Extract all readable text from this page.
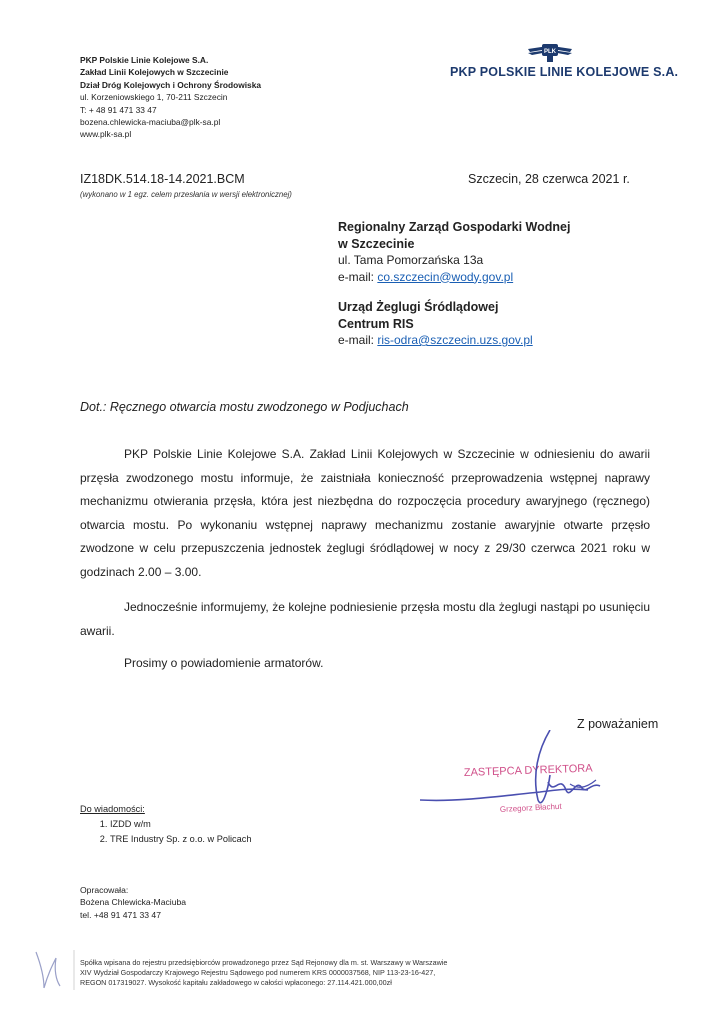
PKP Polskie Linie Kolejowe S.A.
Zakład Linii Kolejowych w Szczecinie
Dział Dróg Kolejowych i Ochrony Środowiska
ul. Korzeniowskiego 1, 70-211 Szczecin
T: + 48 91 471 33 47
bozena.chlewicka-maciuba@plk-sa.pl
www.plk-sa.pl
PLK
PKP POLSKIE LINIE KOLEJOWE S.A.
IZ18DK.514.18-14.2021.BCM
(wykonano w 1 egz. celem przesłania w wersji elektronicznej)
Szczecin, 28 czerwca 2021 r.
Regionalny Zarząd Gospodarki Wodnej
w Szczecinie
ul. Tama Pomorzańska 13a
e-mail: co.szczecin@wody.gov.pl
Urząd Żeglugi Śródlądowej
Centrum RIS
e-mail: ris-odra@szczecin.uzs.gov.pl
Dot.: Ręcznego otwarcia mostu zwodzonego w Podjuchach
PKP Polskie Linie Kolejowe S.A. Zakład Linii Kolejowych w Szczecinie w odniesieniu do awarii przęsła zwodzonego mostu informuje, że zaistniała konieczność przeprowadzenia wstępnej naprawy mechanizmu otwierania przęsła, która jest niezbędna do rozpoczęcia procedury awaryjnego (ręcznego) otwarcia mostu. Po wykonaniu wstępnej naprawy mechanizmu zostanie awaryjnie otwarte przęsło zwodzone w celu przepuszczenia jednostek żeglugi śródlądowej w nocy z 29/30 czerwca 2021 roku w godzinach 2.00 – 3.00.
Jednocześnie informujemy, że kolejne podniesienie przęsła mostu dla żeglugi nastąpi po usunięciu awarii.
Prosimy o powiadomienie armatorów.
Z poważaniem
ZASTĘPCA DYREKTORA
Grzegorz Błachut
Do wiadomości:
1. IZDD w/m
2. TRE Industry Sp. z o.o. w Policach
Opracowała:
Bożena Chlewicka-Maciuba
tel. +48 91 471 33 47
Spółka wpisana do rejestru przedsiębiorców prowadzonego przez Sąd Rejonowy dla m. st. Warszawy w Warszawie
XIV Wydział Gospodarczy Krajowego Rejestru Sądowego pod numerem KRS 0000037568, NIP 113-23-16-427,
REGON 017319027. Wysokość kapitału zakładowego w całości wpłaconego: 27.114.421.000,00zł
